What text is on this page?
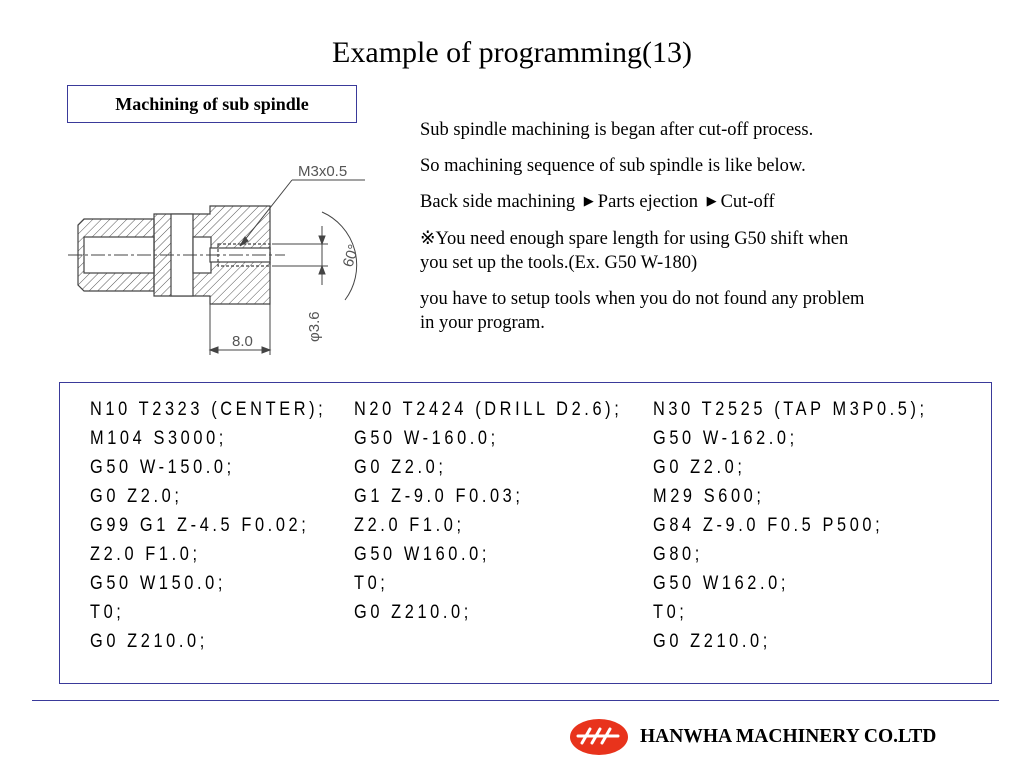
Example of programming(13)
Machining of sub spindle
M3x0.5
60°
φ3.6
8.0

Sub spindle machining is began after cut-off process.

So machining sequence of sub spindle is like below.

Back side machining ▶ Parts ejection ▶ Cut-off

※You need enough spare length for using G50 shift when
you set up the tools.(Ex. G50 W-180)

you have to setup tools when you do not found any problem
in your program.

N10 T2323 (CENTER);
M104 S3000;
G50 W-150.0;
G0 Z2.0;
G99 G1 Z-4.5 F0.02;
Z2.0 F1.0;
G50 W150.0;
T0;
G0 Z210.0;
N20 T2424 (DRILL D2.6);
G50 W-160.0;
G0 Z2.0;
G1 Z-9.0 F0.03;
Z2.0 F1.0;
G50 W160.0;
T0;
G0 Z210.0;
N30 T2525 (TAP M3P0.5);
G50 W-162.0;
G0 Z2.0;
M29 S600;
G84 Z-9.0 F0.5 P500;
G80;
G50 W162.0;
T0;
G0 Z210.0;
HANWHA MACHINERY CO.LTD
